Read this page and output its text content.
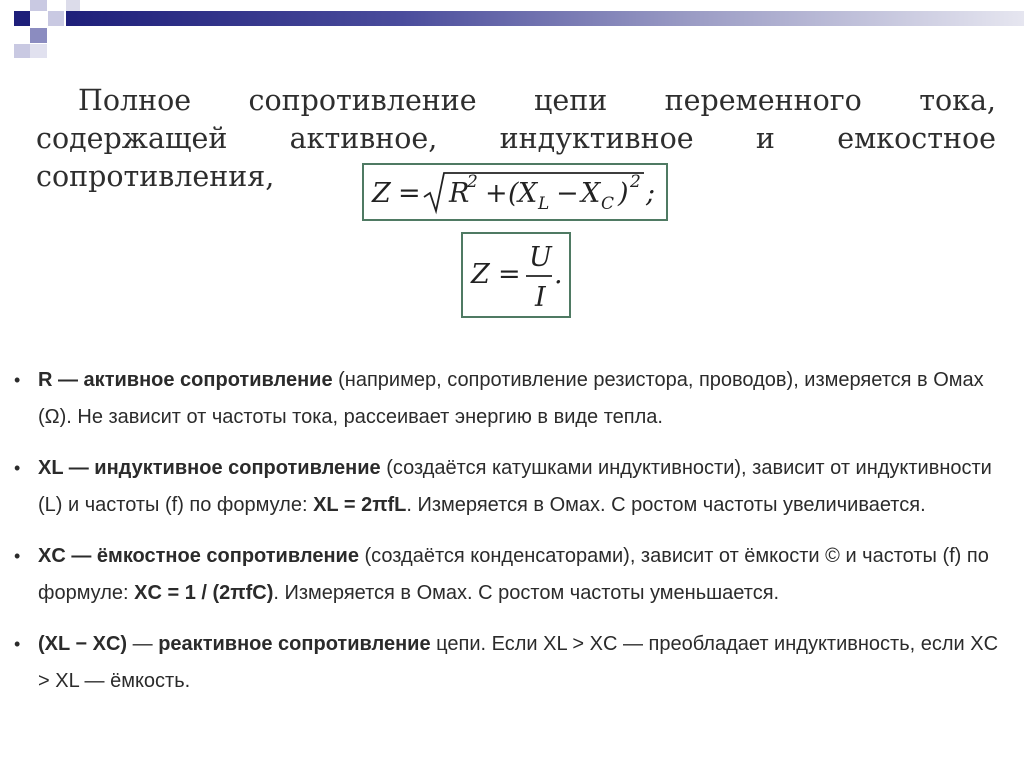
Полное сопротивление цепи переменного тока, содержащей активное, индуктивное и емкостное сопротивления,

Z = R
2 + ( X L − X C ) 2 ;
Z =
U
I
.
• R — активное сопротивление (например, сопротивление резистора, проводов), измеряется в Омах (Ω). Не зависит от частоты тока, рассеивает энергию в виде тепла.
• XL — индуктивное сопротивление (создаётся катушками индуктивности), зависит от индуктивности (L) и частоты (f) по формуле: XL = 2πfL. Измеряется в Омах. С ростом частоты увеличивается.
• XC — ёмкостное сопротивление (создаётся конденсаторами), зависит от ёмкости © и частоты (f) по формуле: XC = 1 / (2πfC). Измеряется в Омах. С ростом частоты уменьшается.
• (XL − XC) — реактивное сопротивление цепи. Если XL > XC — преобладает индуктивность, если XC > XL — ёмкость.
